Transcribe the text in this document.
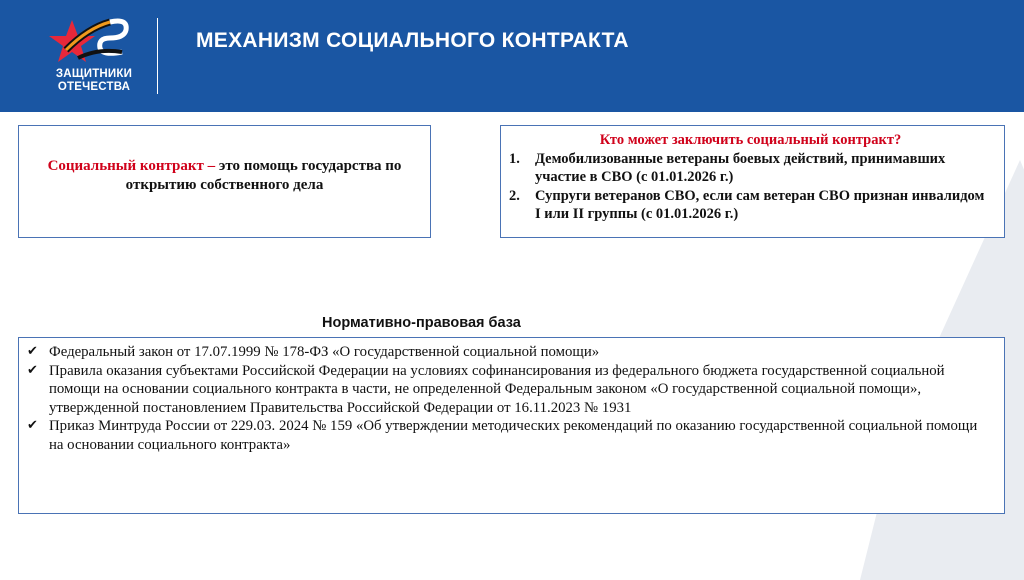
ЗАЩИТНИКИ
ОТЕЧЕСТВА
МЕХАНИЗМ СОЦИАЛЬНОГО КОНТРАКТА
Социальный контракт – это помощь государства по открытию собственного дела
Кто может заключить социальный контракт?
1.	Демобилизованные ветераны боевых действий, принимавших участие в СВО (с 01.01.2026 г.)
2.	Супруги ветеранов СВО, если сам ветеран СВО признан инвалидом I или II группы (с 01.01.2026 г.)
Нормативно-правовая база
✔ Федеральный закон от 17.07.1999 № 178-ФЗ «О государственной социальной помощи»
✔ Правила оказания субъектами Российской Федерации на условиях софинансирования из федерального бюджета государственной социальной помощи на основании социального контракта в части, не определенной Федеральным законом «О государственной социальной помощи», утвержденной постановлением Правительства Российской Федерации от 16.11.2023 № 1931
✔ Приказ Минтруда России от 229.03. 2024 № 159 «Об утверждении методических рекомендаций по оказанию государственной социальной помощи на основании социального контракта»
